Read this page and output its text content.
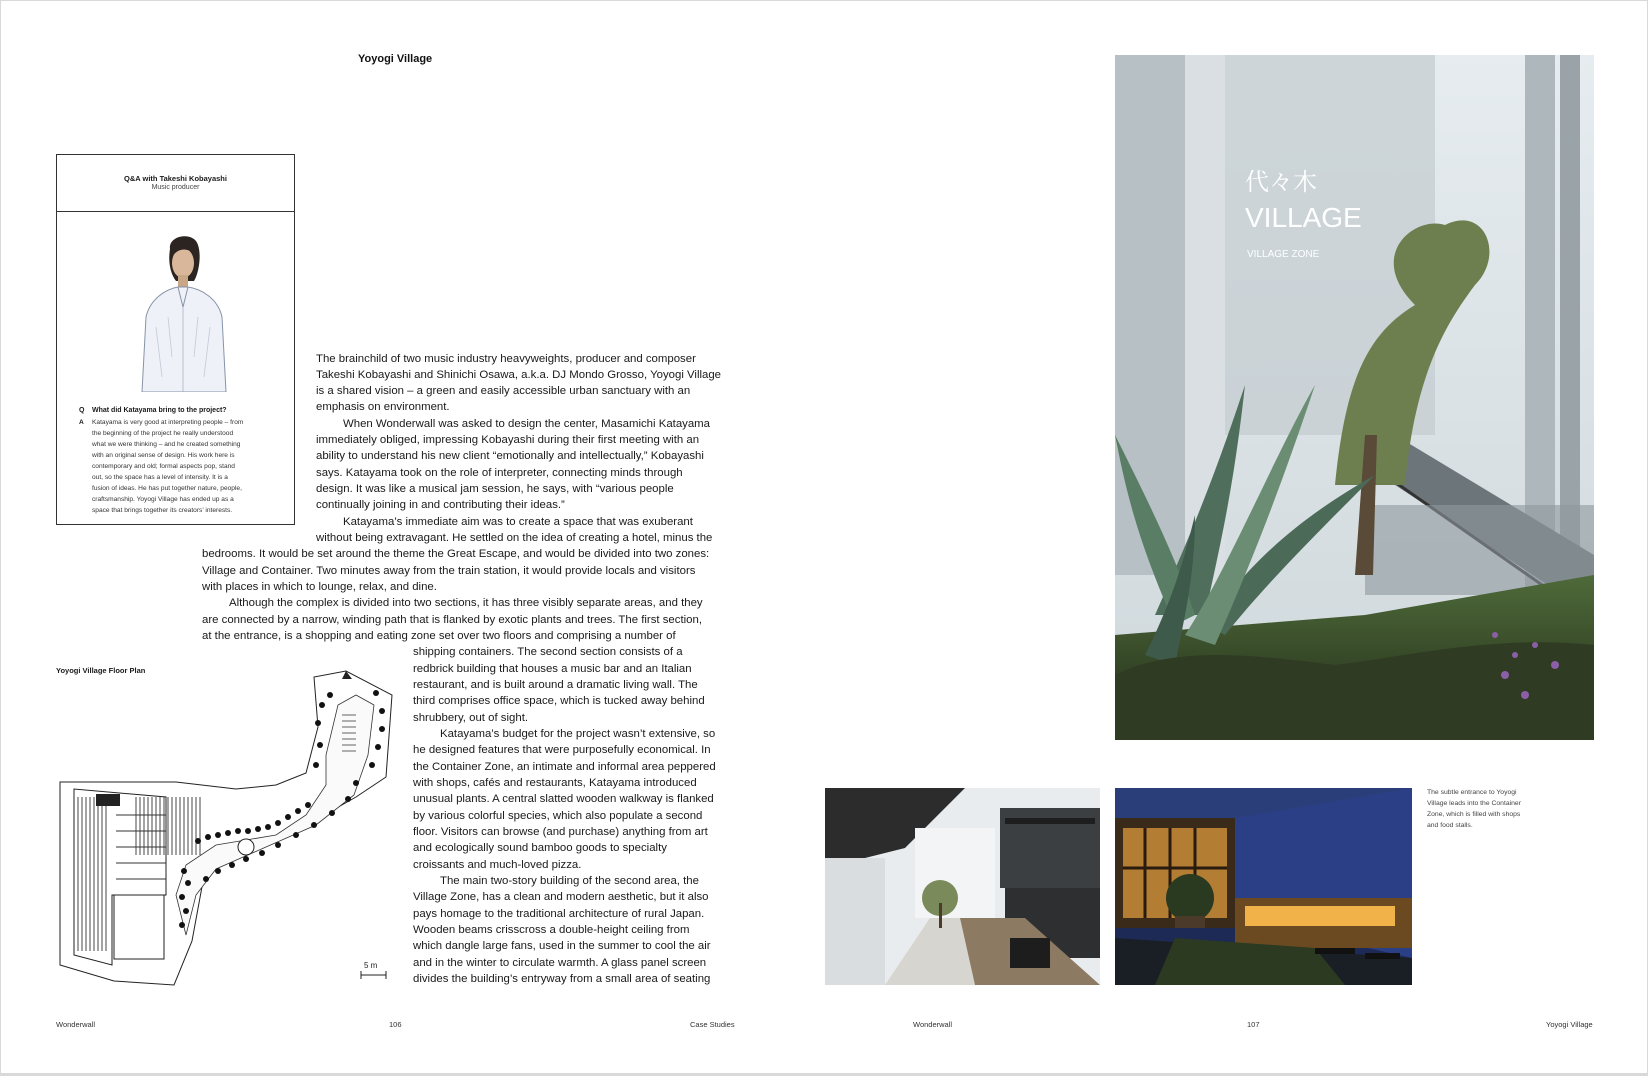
Yoyogi Village
Q&A with Takeshi Kobayashi
Music producer
Q What did Katayama bring to the project?
A	Katayama is very good at interpreting people – from
the beginning of the project he really understood
what we were thinking – and he created something
with an original sense of design. His work here is
contemporary and old; formal aspects pop, stand
out, so the space has a level of intensity. It is a
fusion of ideas. He has put together nature, people,
craftsmanship. Yoyogi Village has ended up as a
space that brings together its creators’ interests.
The brainchild of two music industry heavyweights, producer and composer
Takeshi Kobayashi and Shinichi Osawa, a.k.a. DJ Mondo Grosso, Yoyogi Village
is a shared vision – a green and easily accessible urban sanctuary with an
emphasis on environment.
When Wonderwall was asked to design the center, Masamichi Katayama
immediately obliged, impressing Kobayashi during their first meeting with an
ability to understand his new client “emotionally and intellectually,” Kobayashi
says. Katayama took on the role of interpreter, connecting minds through
design. It was like a musical jam session, he says, with “various people
continually joining in and contributing their ideas.”
Katayama’s immediate aim was to create a space that was exuberant
without being extravagant. He settled on the idea of creating a hotel, minus the
bedrooms. It would be set around the theme the Great Escape, and would be divided into two zones:
Village and Container. Two minutes away from the train station, it would provide locals and visitors
with places in which to lounge, relax, and dine.
Although the complex is divided into two sections, it has three visibly separate areas, and they
are connected by a narrow, winding path that is flanked by exotic plants and trees. The first section,
at the entrance, is a shopping and eating zone set over two floors and comprising a number of
shipping containers. The second section consists of a
redbrick building that houses a music bar and an Italian
restaurant, and is built around a dramatic living wall. The
third comprises office space, which is tucked away behind
shrubbery, out of sight.
Katayama’s budget for the project wasn’t extensive, so
he designed features that were purposefully economical. In
the Container Zone, an intimate and informal area peppered
with shops, cafés and restaurants, Katayama introduced
unusual plants. A central slatted wooden walkway is flanked
by various colorful species, which also populate a second
floor. Visitors can browse (and purchase) anything from art
and ecologically sound bamboo goods to specialty
croissants and much-loved pizza.
The main two-story building of the second area, the
Village Zone, has a clean and modern aesthetic, but it also
pays homage to the traditional architecture of rural Japan.
Wooden beams crisscross a double-height ceiling from
which dangle large fans, used in the summer to cool the air
and in the winter to circulate warmth. A glass panel screen
divides the building’s entryway from a small area of seating
Yoyogi Village Floor Plan
5 m
代々木
VILLAGE
VILLAGE ZONE
The subtle entrance to Yoyogi
Village leads into the Container
Zone, which is filled with shops
and food stalls.
Wonderwall	106	Case Studies	Wonderwall	107	Yoyogi Village
